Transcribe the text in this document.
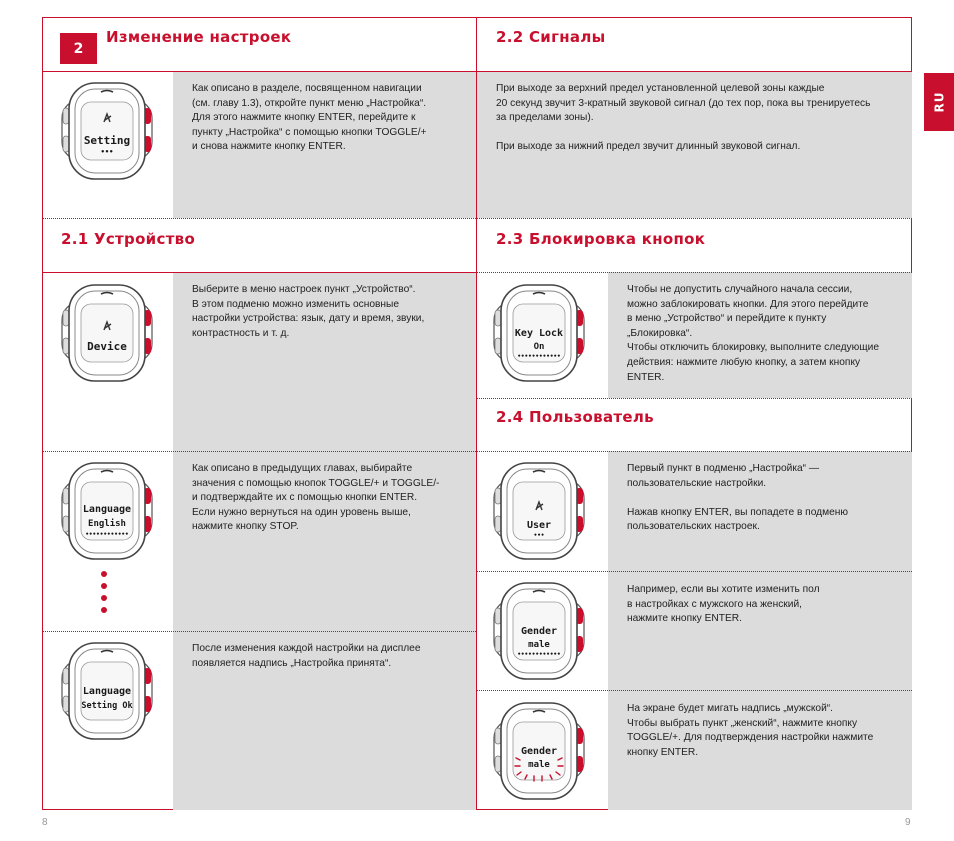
2
Изменение настроек	2.2 Сигналы
2.1 Устройство	2.3 Блокировка кнопок
2.4 Пользователь

Как описано в разделе, посвященном навигации

(см. главу 1.3), откройте пункт меню „Настройка“.

Для этого нажмите кнопку ENTER, перейдите к

пункту „Настройка“ с помощью кнопки TOGGLE/+

и снова нажмите кнопку ENTER.

При выходе за верхний предел установленной целевой зоны каждые

20 секунд звучит 3-кратный звуковой сигнал (до тех пор, пока вы тренируетесь

за пределами зоны).

При выходе за нижний предел звучит длинный звуковой сигнал.

Выберите в меню настроек пункт „Устройство“.

В этом подменю можно изменить основные

настройки устройства: язык, дату и время, звуки,

контрастность и т. д.

Чтобы не допустить случайного начала сессии,

можно заблокировать кнопки. Для этого перейдите

в меню „Устройство“ и перейдите к пункту

„Блокировка“.

Чтобы отключить блокировку, выполните следующие

действия: нажмите любую кнопку, а затем кнопку

ENTER.

Как описано в предыдущих главах, выбирайте

значения с помощью кнопок TOGGLE/+ и TOGGLE/-

и подтверждайте их с помощью кнопки ENTER.

Если нужно вернуться на один уровень выше,

нажмите кнопку STOP.

Первый пункт в подменю „Настройка“ —

пользовательские настройки.

Нажав кнопку ENTER, вы попадете в подменю

пользовательских настроек.

Например, если вы хотите изменить пол

в настройках с мужского на женский,

нажмите кнопку ENTER.

После изменения каждой настройки на дисплее

появляется надпись „Настройка принята“.

На экране будет мигать надпись „мужской“.

Чтобы выбрать пункт „женский“, нажмите кнопку

TOGGLE/+. Для подтверждения настройки нажмите

кнопку ENTER.

Setting
•••
Device
Language
English
••••••••••••
Language
Setting Ok
Key Lock
On
••••••••••••
User
•••
Gender
male
••••••••••••
Gender
male
RU
8	9
